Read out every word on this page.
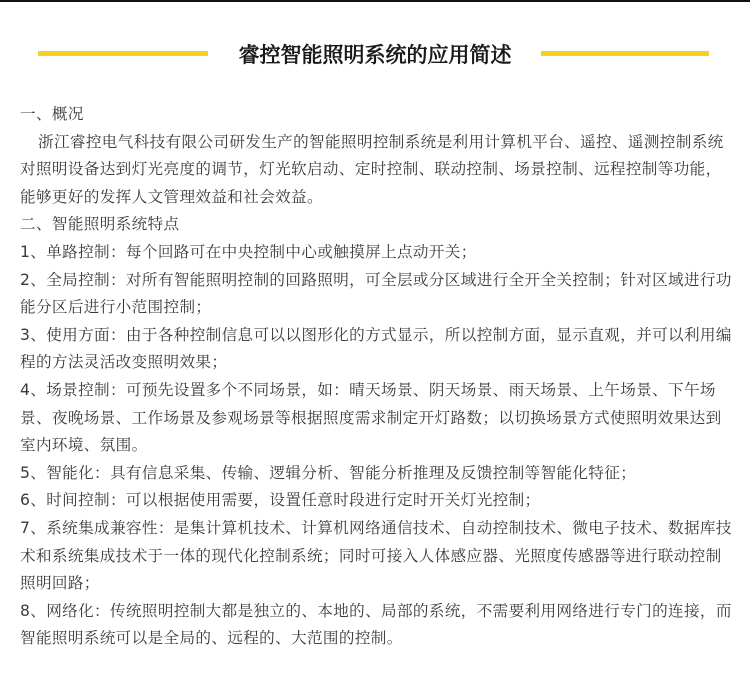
睿控智能照明系统的应用简述

一、概况

浙江睿控电气科技有限公司研发生产的智能照明控制系统是利用计算机平台、遥控、遥测控制系统对照明设备达到灯光亮度的调节，灯光软启动、定时控制、联动控制、场景控制、远程控制等功能，能够更好的发挥人文管理效益和社会效益。

二、智能照明系统特点

1、单路控制：每个回路可在中央控制中心或触摸屏上点动开关；

2、全局控制：对所有智能照明控制的回路照明，可全层或分区域进行全开全关控制；针对区域进行功能分区后进行小范围控制；

3、使用方面：由于各种控制信息可以以图形化的方式显示，所以控制方面，显示直观，并可以利用编程的方法灵活改变照明效果；

4、场景控制：可预先设置多个不同场景，如：晴天场景、阴天场景、雨天场景、上午场景、下午场景、夜晚场景、工作场景及参观场景等根据照度需求制定开灯路数；以切换场景方式使照明效果达到室内环境、氛围。

5、智能化：具有信息采集、传输、逻辑分析、智能分析推理及反馈控制等智能化特征；

6、时间控制：可以根据使用需要，设置任意时段进行定时开关灯光控制；

7、系统集成兼容性：是集计算机技术、计算机网络通信技术、自动控制技术、微电子技术、数据库技术和系统集成技术于一体的现代化控制系统；同时可接入人体感应器、光照度传感器等进行联动控制照明回路；

8、网络化：传统照明控制大都是独立的、本地的、局部的系统，不需要利用网络进行专门的连接，而智能照明系统可以是全局的、远程的、大范围的控制。
